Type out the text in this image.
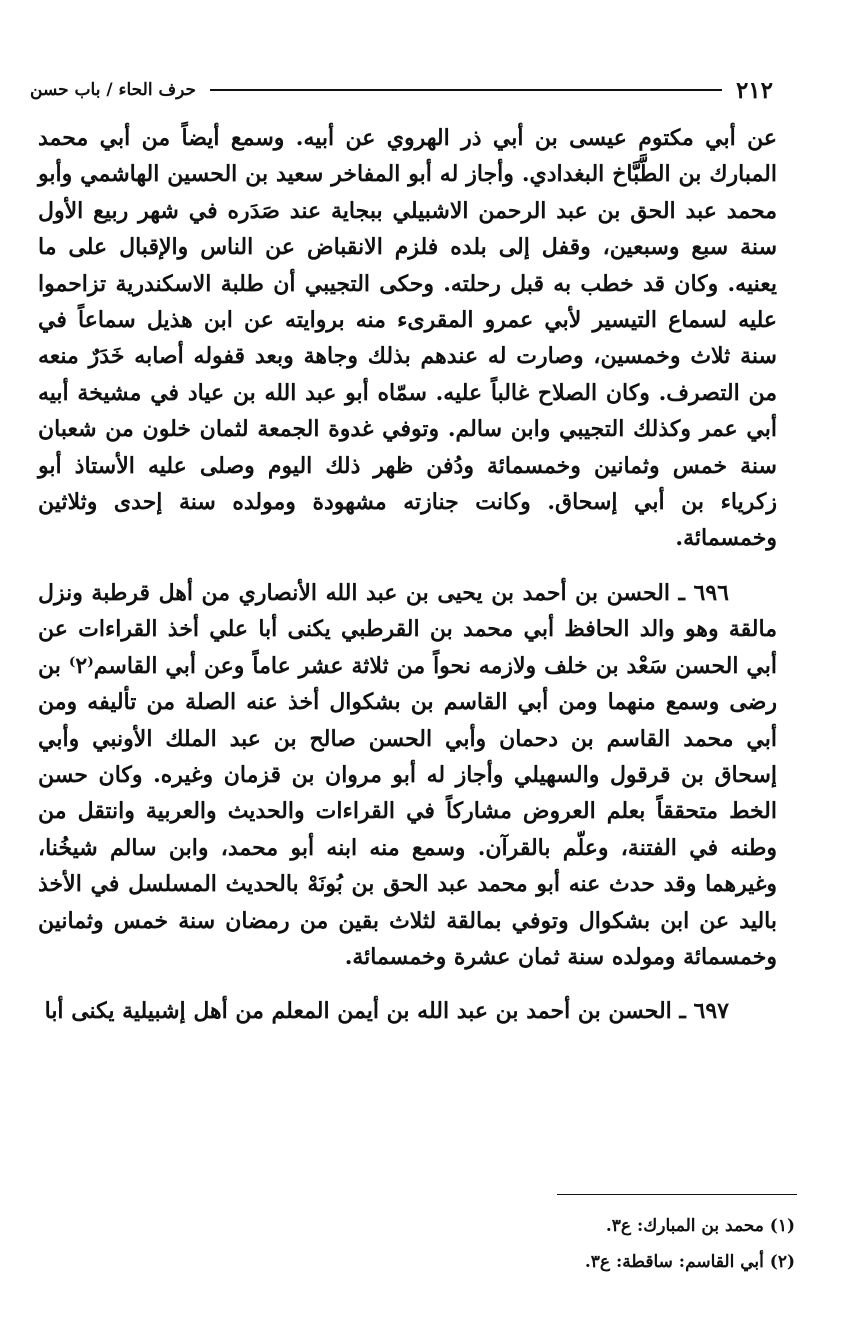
٢١٢
حرف الحاء / باب حسن

عن أبي مكتوم عيسى بن أبي ذر الهروي عن أبيه. وسمع أيضاً من أبي محمد المبارك بن الطَّبَّاخ البغدادي. وأجاز له أبو المفاخر سعيد بن الحسين الهاشمي وأبو محمد عبد الحق بن عبد الرحمن الاشبيلي ببجاية عند صَدَره في شهر ربيع الأول سنة سبع وسبعين، وقفل إلى بلده فلزم الانقباض عن الناس والإقبال على ما يعنيه. وكان قد خطب به قبل رحلته. وحكى التجيبي أن طلبة الاسكندرية تزاحموا عليه لسماع التيسير لأبي عمرو المقرىء منه بروايته عن ابن هذيل سماعاً في سنة ثلاث وخمسين، وصارت له عندهم بذلك وجاهة وبعد قفوله أصابه خَدَرٌ منعه من التصرف. وكان الصلاح غالباً عليه. سمّاه أبو عبد الله بن عياد في مشيخة أبيه أبي عمر وكذلك التجيبي وابن سالم. وتوفي غدوة الجمعة لثمان خلون من شعبان سنة خمس وثمانين وخمسمائة ودُفن ظهر ذلك اليوم وصلى عليه الأستاذ أبو زكرياء بن أبي إسحاق. وكانت جنازته مشهودة ومولده سنة إحدى وثلاثين وخمسمائة.

٦٩٦ ـ الحسن بن أحمد بن يحيى بن عبد الله الأنصاري من أهل قرطبة ونزل مالقة وهو والد الحافظ أبي محمد بن القرطبي يكنى أبا علي أخذ القراءات عن أبي الحسن سَعْد بن خلف ولازمه نحواً من ثلاثة عشر عاماً وعن أبي القاسم⁽٢⁾ بن رضى وسمع منهما ومن أبي القاسم بن بشكوال أخذ عنه الصلة من تأليفه ومن أبي محمد القاسم بن دحمان وأبي الحسن صالح بن عبد الملك الأونبي وأبي إسحاق بن قرقول والسهيلي وأجاز له أبو مروان بن قزمان وغيره. وكان حسن الخط متحققاً بعلم العروض مشاركاً في القراءات والحديث والعربية وانتقل من وطنه في الفتنة، وعلّم بالقرآن. وسمع منه ابنه أبو محمد، وابن سالم شيخُنا، وغيرهما وقد حدث عنه أبو محمد عبد الحق بن بُونَهْ بالحديث المسلسل في الأخذ باليد عن ابن بشكوال وتوفي بمالقة لثلاث بقين من رمضان سنة خمس وثمانين وخمسمائة ومولده سنة ثمان عشرة وخمسمائة.

٦٩٧ ـ الحسن بن أحمد بن عبد الله بن أيمن المعلم من أهل إشبيلية يكنى أبا

(١) محمد بن المبارك: ع٣.
(٢) أبي القاسم: ساقطة: ع٣.
